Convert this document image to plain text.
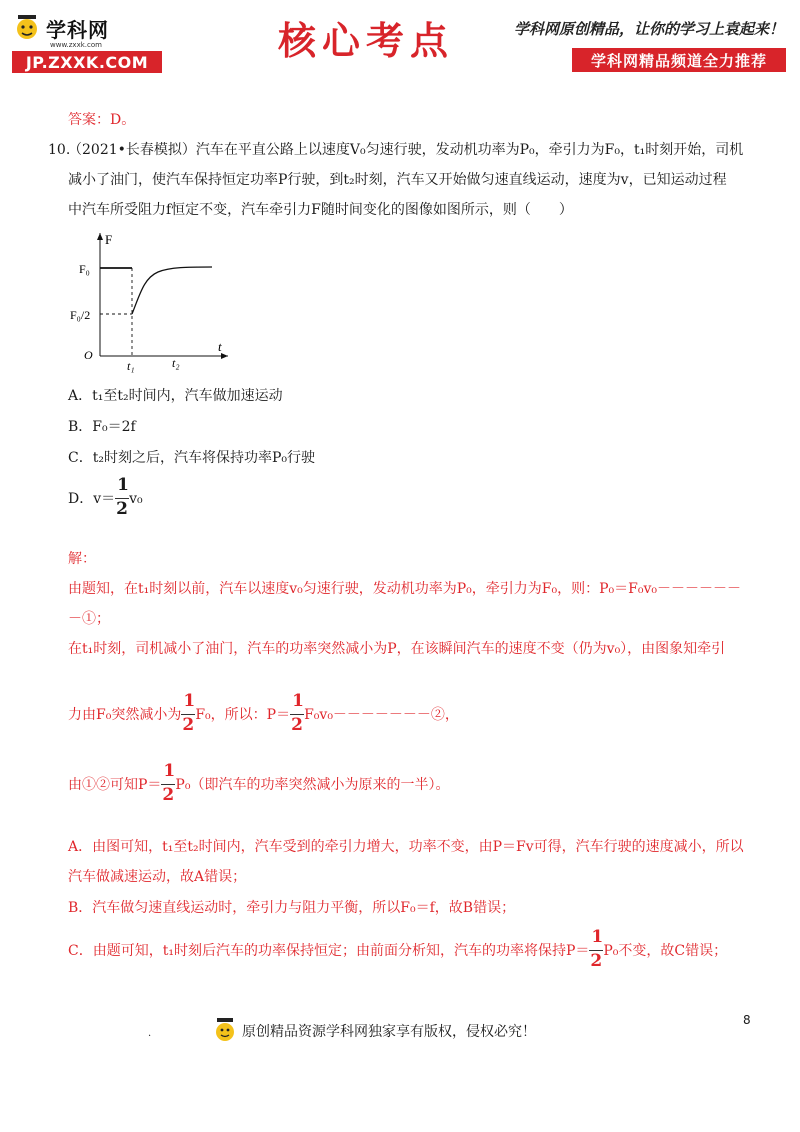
学科网
www.zxxk.com
JP.ZXXK.COM	核心考点	学科网原创精品，让你的学习上袁起来！
学科网精品频道全力推荐
答案：D。
10.
（2021•长春模拟）汽车在平直公路上以速度V₀匀速行驶，发动机功率为P₀，牵引力为F₀，t₁时刻开始，司机
减小了油门，使汽车保持恒定功率P行驶，到t₂时刻，汽车又开始做匀速直线运动，速度为v，已知运动过程
中汽车所受阻力f恒定不变，汽车牵引力F随时间变化的图像如图所示，则（　　）
F
t
O
F₀
F₀/2
t₁	t₂
A．t₁至t₂时间内，汽车做加速运动
B．F₀＝2f
C．t₂时刻之后，汽车将保持功率P₀行驶
D．$v= \frac{1}{2} v_0$
解：
由题知，在t₁时刻以前，汽车以速度v₀匀速行驶，发动机功率为P₀，牵引力为F₀，则：P₀＝F₀v₀－－－－－－
－①；
在t₁时刻，司机减小了油门，汽车的功率突然减小为P，在该瞬间汽车的速度不变（仍为v₀），由图象知牵引
力由F₀突然减小为 $\frac{1}{2} F_0$，所以：$P= \frac{1}{2}$ F₀v₀－－－－－－－②，
由①②可知$P= \frac{1}{2} P_0$（即汽车的功率突然减小为原来的一半）。
A．由图可知，t₁至t₂时间内，汽车受到的牵引力增大，功率不变，由P＝Fv可得，汽车行驶的速度减小，所以
汽车做减速运动，故A错误；
B．汽车做匀速直线运动时，牵引力与阻力平衡，所以F₀＝f，故B错误；
C．由题可知，t₁时刻后汽车的功率保持恒定；由前面分析知，汽车的功率将保持$P= \frac{1}{2} P_0$不变，故C错误；
.	原创精品资源学科网独家享有版权，侵权必究！
8
